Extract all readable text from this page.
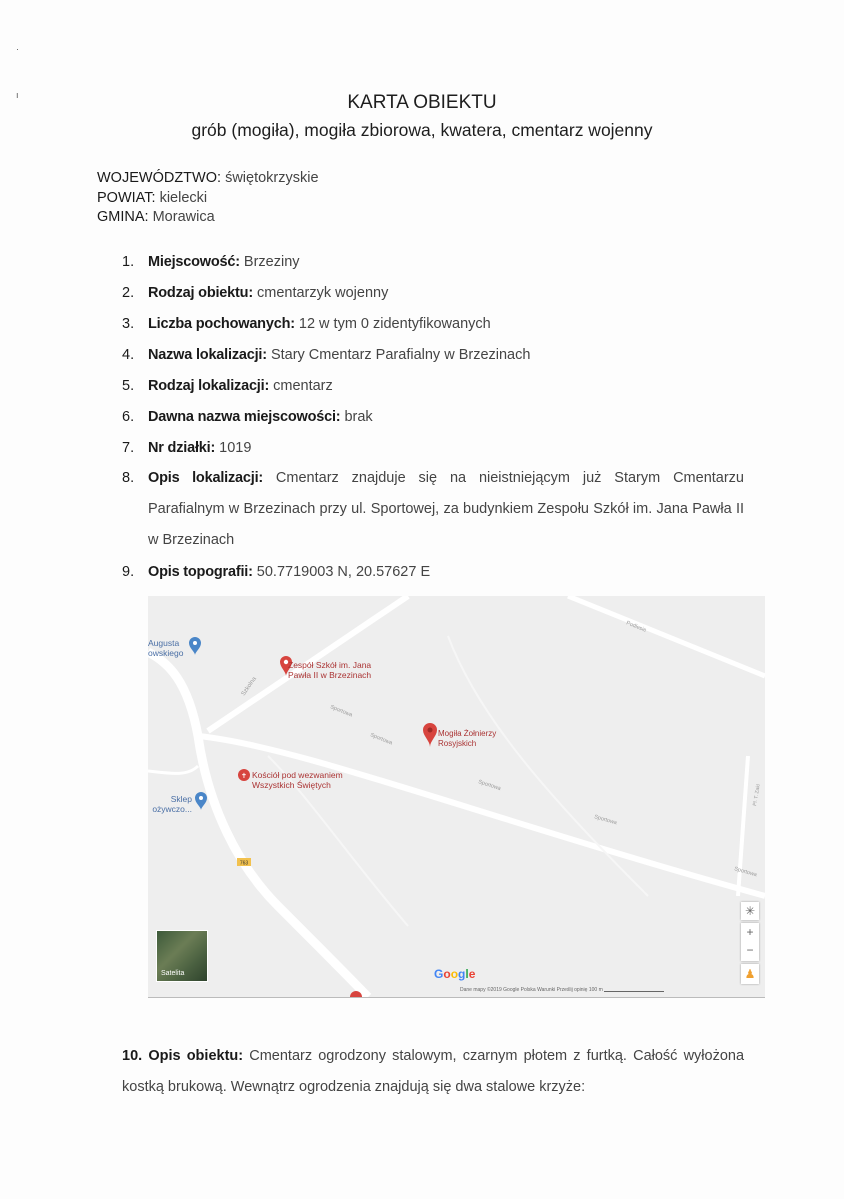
·
ı	KARTA OBIEKTU
grób (mogiła), mogiła zbiorowa, kwatera, cmentarz wojenny
WOJEWÓDZTWO: świętokrzyskie
POWIAT: kielecki
GMINA: Morawica
1. Miejscowość: Brzeziny
2. Rodzaj obiektu: cmentarzyk wojenny
3. Liczba pochowanych: 12 w tym 0 zidentyfikowanych
4. Nazwa lokalizacji: Stary Cmentarz Parafialny w Brzezinach
5. Rodzaj lokalizacji: cmentarz
6. Dawna nazwa miejscowości: brak
7. Nr działki: 1019
8. Opis lokalizacji: Cmentarz znajduje się na nieistniejącym już Starym Cmentarzu Parafialnym w Brzezinach przy ul. Sportowej, za budynkiem Zespołu Szkół im. Jana Pawła II w Brzezinach
9. Opis topografii: 50.7719003 N, 20.57627 E
763
Szkolna
Sportowa
Sportowa
Sportowa
Sportowa
Sportowa
Podlesie
Pl. T. Zakl
✝
Zespół Szkół im. Jana
Pawła II w Brzezinach
Mogiła Żołnierzy
Rosyjskich
Kościół pod wezwaniem
Wszystkich Świętych
Augusta
owskiego
Sklep
ożywczo...
Satelita
✳
+
−
♟
Google
Dane mapy ©2019 Google Polska Warunki Prześlij opinię 100 m
10. Opis obiektu: Cmentarz ogrodzony stalowym, czarnym płotem z furtką. Całość wyłożona kostką brukową. Wewnątrz ogrodzenia znajdują się dwa stalowe krzyże:
